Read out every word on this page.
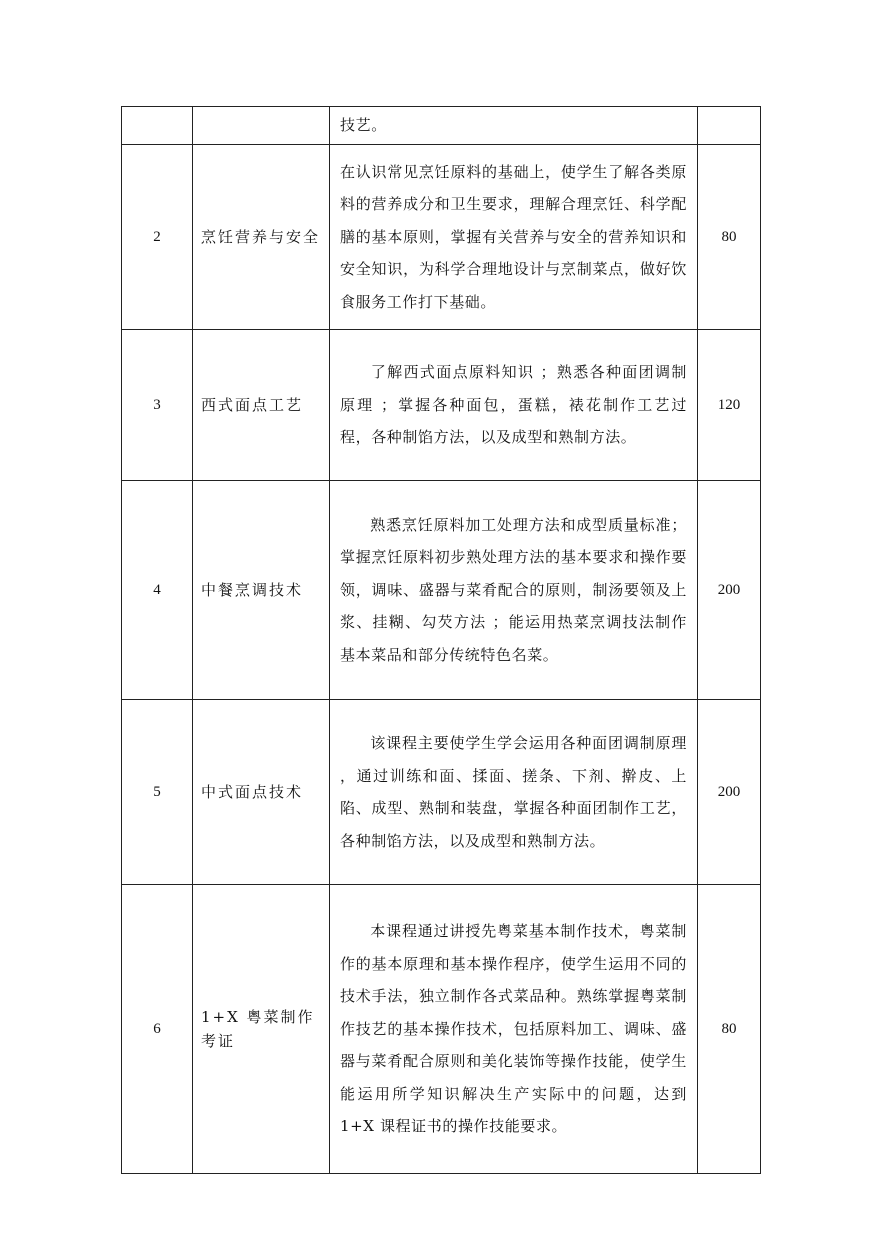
		技艺。	
2	烹饪营养与安全	在认识常见烹饪原料的基础上，使学生了解各类原料的营养成分和卫生要求，理解合理烹饪、科学配膳的基本原则，掌握有关营养与安全的营养知识和安全知识，为科学合理地设计与烹制菜点，做好饮食服务工作打下基础。	80
3	西式面点工艺	了解西式面点原料知识 ；熟悉各种面团调制原理 ；掌握各种面包，蛋糕，裱花制作工艺过程，各种制馅方法，以及成型和熟制方法。	120
4	中餐烹调技术	熟悉烹饪原料加工处理方法和成型质量标准；掌握烹饪原料初步熟处理方法的基本要求和操作要领，调味、盛器与菜肴配合的原则，制汤要领及上浆、挂糊、勾芡方法 ；能运用热菜烹调技法制作基本菜品和部分传统特色名菜。	200
5	中式面点技术	该课程主要使学生学会运用各种面团调制原理 ，通过训练和面、揉面、搓条、下剂、擀皮、上陷、成型、熟制和装盘，掌握各种面团制作工艺，各种制馅方法，以及成型和熟制方法。	200
6	1+X 粤菜制作考证	本课程通过讲授先粤菜基本制作技术，粤菜制作的基本原理和基本操作程序，使学生运用不同的技术手法，独立制作各式菜品种。熟练掌握粤菜制作技艺的基本操作技术，包括原料加工、调味、盛器与菜肴配合原则和美化装饰等操作技能，使学生能运用所学知识解决生产实际中的问题，达到 1+X 课程证书的操作技能要求。	80
